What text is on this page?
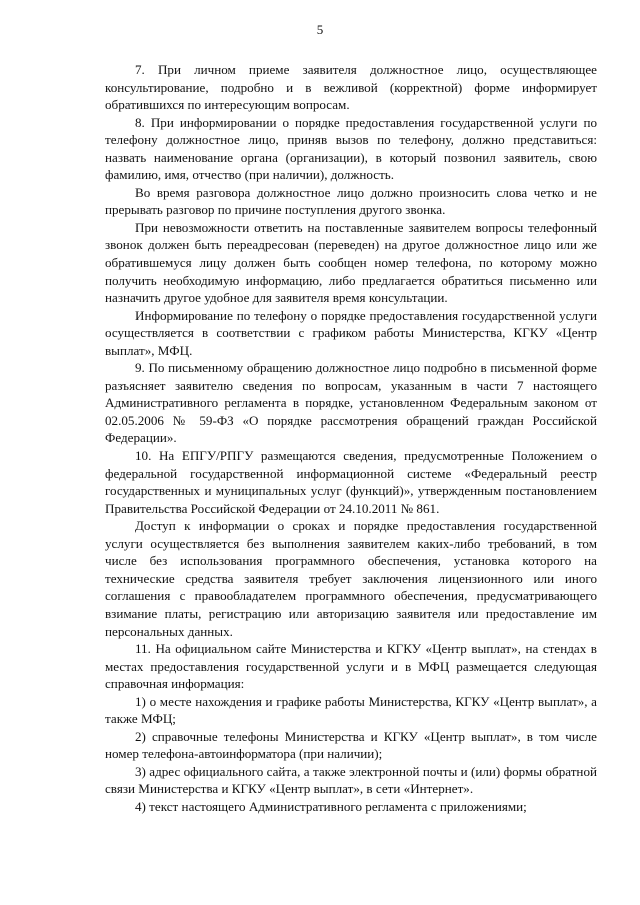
5

7. При личном приеме заявителя должностное лицо, осуществляющее консультирование, подробно и в вежливой (корректной) форме информирует обратившихся по интересующим вопросам.

8. При информировании о порядке предоставления государственной услуги по телефону должностное лицо, приняв вызов по телефону, должно представиться: назвать наименование органа (организации), в который позвонил заявитель, свою фамилию, имя, отчество (при наличии), должность.

Во время разговора должностное лицо должно произносить слова четко и не прерывать разговор по причине поступления другого звонка.

При невозможности ответить на поставленные заявителем вопросы телефонный звонок должен быть переадресован (переведен) на другое должностное лицо или же обратившемуся лицу должен быть сообщен номер телефона, по которому можно получить необходимую информацию, либо предлагается обратиться письменно или назначить другое удобное для заявителя время консультации.

Информирование по телефону о порядке предоставления государственной услуги осуществляется в соответствии с графиком работы Министерства, КГКУ «Центр выплат», МФЦ.

9. По письменному обращению должностное лицо подробно в письменной форме разъясняет заявителю сведения по вопросам, указанным в части 7 настоящего Административного регламента в порядке, установленном Федеральным законом от 02.05.2006 № 59-ФЗ «О порядке рассмотрения обращений граждан Российской Федерации».

10. На ЕПГУ/РПГУ размещаются сведения, предусмотренные Положением о федеральной государственной информационной системе «Федеральный реестр государственных и муниципальных услуг (функций)», утвержденным постановлением Правительства Российской Федерации от 24.10.2011 № 861.

Доступ к информации о сроках и порядке предоставления государственной услуги осуществляется без выполнения заявителем каких-либо требований, в том числе без использования программного обеспечения, установка которого на технические средства заявителя требует заключения лицензионного или иного соглашения с правообладателем программного обеспечения, предусматривающего взимание платы, регистрацию или авторизацию заявителя или предоставление им персональных данных.

11. На официальном сайте Министерства и КГКУ «Центр выплат», на стендах в местах предоставления государственной услуги и в МФЦ размещается следующая справочная информация:

1) о месте нахождения и графике работы Министерства, КГКУ «Центр выплат», а также МФЦ;

2) справочные телефоны Министерства и КГКУ «Центр выплат», в том числе номер телефона-автоинформатора (при наличии);

3) адрес официального сайта, а также электронной почты и (или) формы обратной связи Министерства и КГКУ «Центр выплат», в сети «Интернет».

4) текст настоящего Административного регламента с приложениями;
